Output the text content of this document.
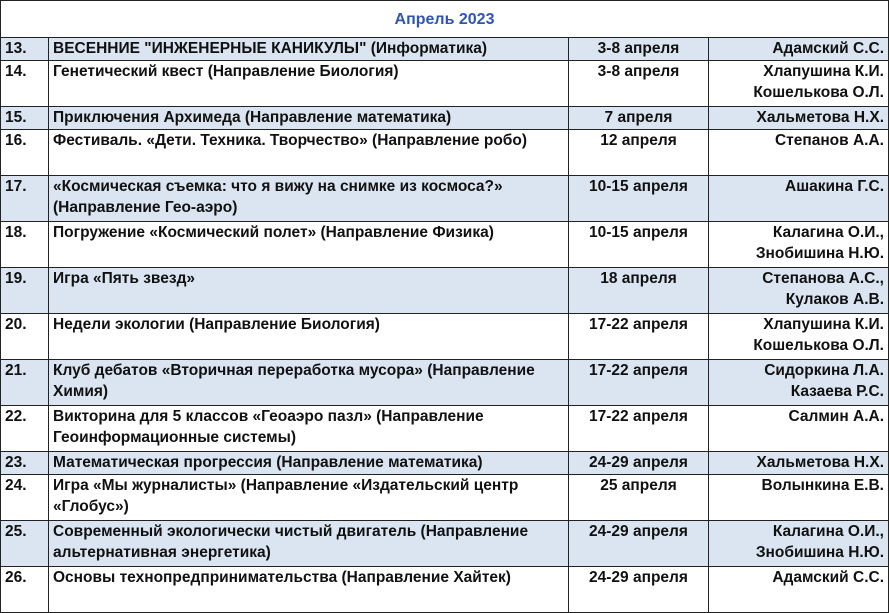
Апрель 2023			
13.	ВЕСЕННИЕ "ИНЖЕНЕРНЫЕ КАНИКУЛЫ" (Информатика)	3-8 апреля	Адамский С.С.

14.	Генетический квест (Направление Биология)	3-8 апреля	Хлапушина К.И.
Кошелькова О.Л.

15.	Приключения Архимеда (Направление математика)	7 апреля	Хальметова Н.Х.

16.	Фестиваль. «Дети. Техника. Творчество» (Направление робо)	12 апреля	Степанов А.А.

17.	«Космическая съемка: что я вижу на снимке из космоса?» (Направление Гео-аэро)	10-15 апреля	Ашакина Г.С.

18.	Погружение «Космический полет» (Направление Физика)	10-15 апреля	Калагина О.И.,
Знобишина Н.Ю.

19.	Игра «Пять звезд»	18 апреля	Степанова А.С.,
Кулаков А.В.

20.	Недели экологии (Направление Биология)	17-22 апреля	Хлапушина К.И.
Кошелькова О.Л.

21.	Клуб дебатов «Вторичная переработка мусора» (Направление Химия)	17-22 апреля	Сидоркина Л.А.
Казаева Р.С.

22.	Викторина для 5 классов «Геоаэро пазл» (Направление Геоинформационные системы)	17-22 апреля	Салмин А.А.

23.	Математическая прогрессия (Направление математика)	24-29 апреля	Хальметова Н.Х.

24.	Игра «Мы журналисты» (Направление «Издательский центр «Глобус»)	25 апреля	Волынкина Е.В.

25.	Современный экологически чистый двигатель (Направление альтернативная энергетика)	24-29 апреля	Калагина О.И.,
Знобишина Н.Ю.

26.	Основы технопредпринимательства (Направление Хайтек)	24-29 апреля	Адамский С.С.
